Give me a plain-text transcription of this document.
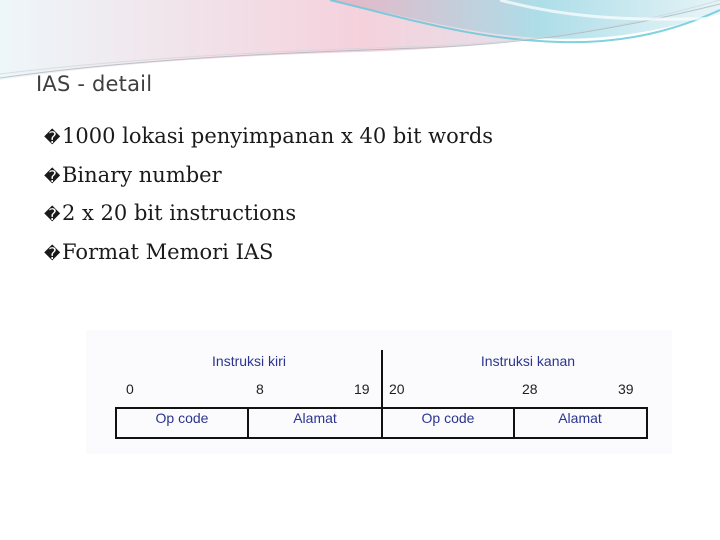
IAS - detail
�1000 lokasi penyimpanan x 40 bit words
�Binary number
�2 x 20 bit instructions
�Format Memori IAS
Instruksi kiri	Instruksi kanan
0	8	19 20	28	39
Op code	Alamat	Op code	Alamat
